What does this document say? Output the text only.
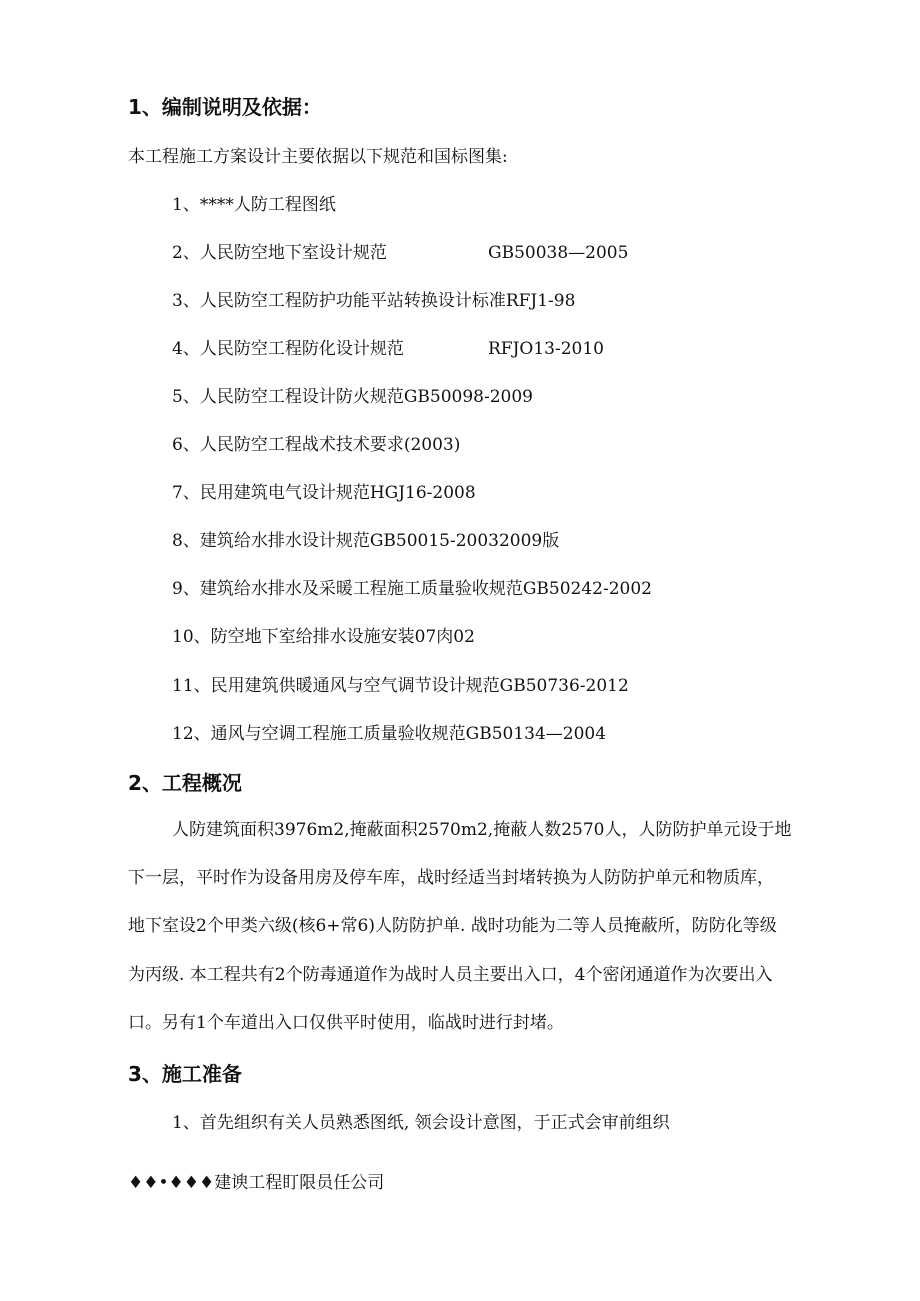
1、编制说明及依据：
本工程施工方案设计主要依据以下规范和国标图集:
1、****人防工程图纸
2、人民防空地下室设计规范	GB50038—2005
3、人民防空工程防护功能平站转换设计标准RFJ1-98
4、人民防空工程防化设计规范	RFJO13-2010
5、人民防空工程设计防火规范GB50098-2009
6、人民防空工程战术技术要求(2003)
7、民用建筑电气设计规范HGJ16-2008
8、建筑给水排水设计规范GB50015-20032009版
9、建筑给水排水及采暖工程施工质量验收规范GB50242-2002
10、防空地下室给排水设施安装07肉02
11、民用建筑供暖通风与空气调节设计规范GB50736-2012
12、通风与空调工程施工质量验收规范GB50134—2004
2、工程概况
人防建筑面积3976m2,掩蔽面积2570m2,掩蔽人数2570人，人防防护单元设于地
下一层，平时作为设备用房及停车库，战时经适当封堵转换为人防防护单元和物质库，
地下室设2个甲类六级(核6+常6)人防防护单. 战时功能为二等人员掩蔽所，防防化等级
为丙级. 本工程共有2个防毒通道作为战时人员主要出入口，4个密闭通道作为次要出入
口。另有1个车道出入口仅供平时使用，临战时进行封堵。
3、施工准备
1、首先组织有关人员熟悉图纸, 领会设计意图，于正式会审前组织
♦♦•♦♦♦建谀工程盯限员任公司
